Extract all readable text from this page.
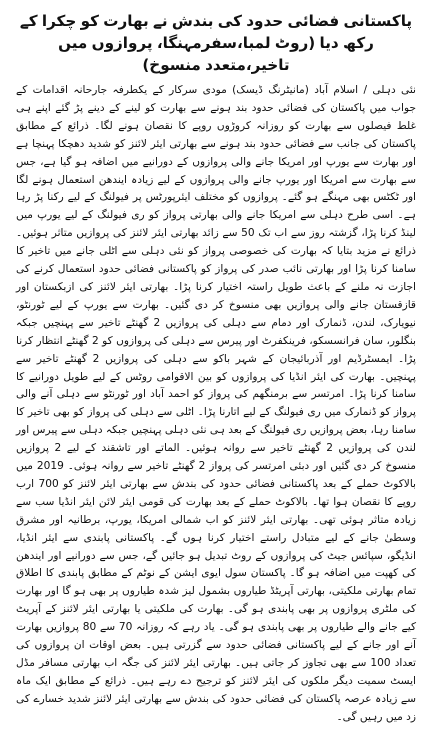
پاکستانی فضائی حدود کی بندش نے بھارت کو چکرا کے رکھ دیا (روٹ لمبا،سفرمہنگا، پروازوں میں تاخیر،متعدد منسوخ)

نئی دہلی / اسلام آباد (مانیٹرنگ ڈیسک) مودی سرکار کے یکطرفہ جارحانہ اقدامات کے جواب میں پاکستان کی فضائی حدود بند ہونے سے بھارت کو لینے کے دینے پڑ گئے اپنے ہی غلط فیصلوں سے بھارت کو روزانہ کروڑوں روپے کا نقصان ہونے لگا۔ ذرائع کے مطابق پاکستان کی جانب سے فضائی حدود بند ہونے سے بھارتی ایئر لائنز کو شدید دھچکا پہنچا ہے اور بھارت سے یورپ اور امریکا جانے والی پروازوں کے دورانیے میں اضافہ ہو گیا ہے، جس سے بھارت سے امریکا اور یورپ جانے والی پروازوں کے لیے زیادہ ایندھن استعمال ہونے لگا اور ٹکٹس بھی مہنگے ہو گئے۔ پروازوں کو مختلف ایئرپورٹس پر فیولنگ کے لیے رکنا پڑ رہا ہے۔ اسی طرح دہلی سے امریکا جانے والی بھارتی پرواز کو ری فیولنگ کے لیے یورپ میں لینڈ کرنا پڑا، گزشتہ روز سے اب تک 50 سے زائد بھارتی ایئر لائنز کی پروازیں متاثر ہوئیں۔ ذرائع نے مزید بتایا کہ بھارت کی خصوصی پرواز کو نئی دہلی سے اٹلی جانے میں تاخیر کا سامنا کرنا پڑا اور بھارتی نائب صدر کی پرواز کو پاکستانی فضائی حدود استعمال کرنے کی اجازت نہ ملنے کے باعث طویل راستہ اختیار کرنا پڑا۔ بھارتی ایئر لائنز کی ازبکستان اور قازقستان جانے والی پروازیں بھی منسوخ کر دی گئیں۔ بھارت سے یورپ کے لیے ٹورنٹو، نیویارک، لندن، ڈنمارک اور دمام سے دہلی کی پروازیں 2 گھنٹے تاخیر سے پہنچیں جبکہ بنگلور، سان فرانسسکو، فرینکفرٹ اور پیرس سے دہلی کی پروازوں کو 2 گھنٹے انتظار کرنا پڑا۔ ایمسٹرڈیم اور آذربائیجان کے شہر باکو سے دہلی کی پروازیں 2 گھنٹے تاخیر سے پہنچیں۔ بھارت کی ایئر انڈیا کی پروازوں کو بین الاقوامی روٹس کے لیے طویل دورانیے کا سامنا کرنا پڑا۔ امرتسر سے برمنگھم کی پرواز کو احمد آباد اور ٹورنٹو سے دہلی آنے والی پرواز کو ڈنمارک میں ری فیولنگ کے لیے اتارنا پڑا۔ اٹلی سے دہلی کی پرواز کو بھی تاخیر کا سامنا رہا، بعض پروازیں ری فیولنگ کے بعد ہی نئی دہلی پہنچیں جبکہ دہلی سے پیرس اور لندن کی پروازیں 2 گھنٹے تاخیر سے روانہ ہوئیں۔ الماتے اور تاشقند کے لیے 2 پروازیں منسوخ کر دی گئیں اور دبئی امرتسر کی پرواز 2 گھنٹے تاخیر سے روانہ ہوئی۔ 2019 میں بالاکوٹ حملے کے بعد پاکستانی فضائی حدود کی بندش سے بھارتی ایئر لائنز کو 700 ارب روپے کا نقصان ہوا تھا۔ بالاکوٹ حملے کے بعد بھارت کی قومی ایئر لائن ایئر انڈیا سب سے زیادہ متاثر ہوئی تھی۔ بھارتی ایئر لائنز کو اب شمالی امریکا، یورپ، برطانیہ اور مشرق وسطیٰ جانے کے لیے متبادل راستے اختیار کرنا ہوں گے۔ پاکستانی پابندی سے ایئر انڈیا، انڈیگو، سپائس جیٹ کی پروازوں کے روٹ تبدیل ہو جائیں گے، جس سے دورانیے اور ایندھن کی کھپت میں اضافہ ہو گا۔ پاکستان سول ایوی ایشن کے نوٹم کے مطابق پابندی کا اطلاق تمام بھارتی ملکیتی، بھارتی آپریٹڈ طیاروں بشمول لیز شدہ طیاروں پر بھی ہو گا اور بھارت کی ملٹری پروازوں پر بھی پابندی ہو گی۔ بھارت کی ملکیتی یا بھارتی ایئر لائنز کے آپریٹ کیے جانے والے طیاروں پر بھی پابندی ہو گی۔ یاد رہے کہ روزانہ 70 سے 80 پروازیں بھارت آنے اور جانے کے لیے پاکستانی فضائی حدود سے گزرتی ہیں۔ بعض اوقات ان پروازوں کی تعداد 100 سے بھی تجاوز کر جاتی ہیں۔ بھارتی ایئر لائنز کی جگہ اب بھارتی مسافر مڈل ایسٹ سمیت دیگر ملکوں کی ایئر لائنز کو ترجیح دے رہے ہیں۔ ذرائع کے مطابق ایک ماہ سے زیادہ عرصہ پاکستان کی فضائی حدود کی بندش سے بھارتی ایئر لائنز شدید خسارے کی زد میں رہیں گی۔
